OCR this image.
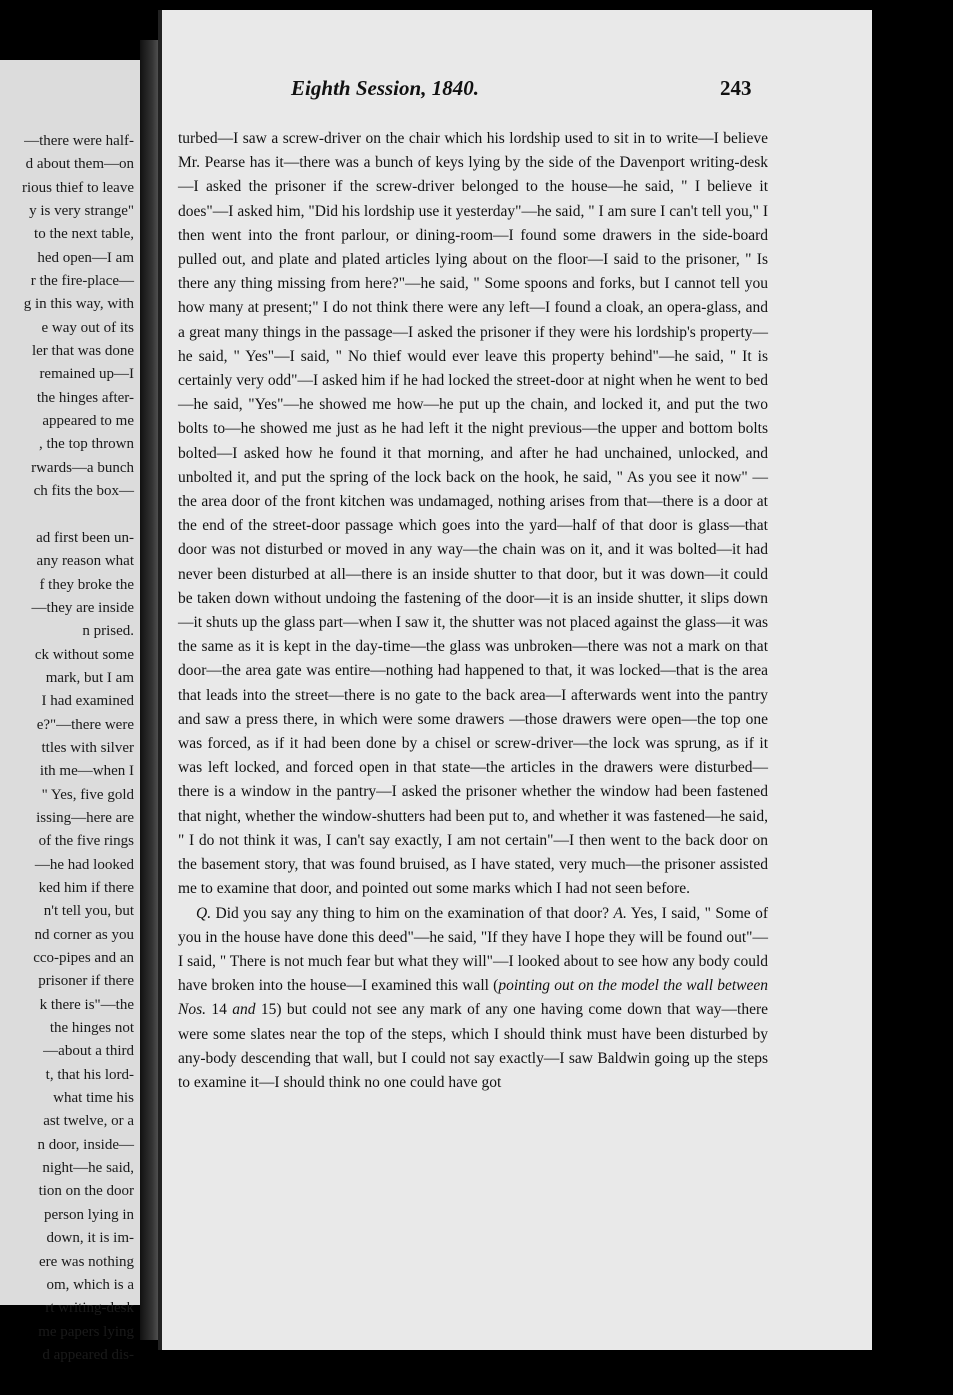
—there were half-
d about them—on
rious thief to leave
y is very strange"
to the next table,
hed open—I am
r the fire-place—
g in this way, with
e way out of its
ler that was done
remained up—I
the hinges after-
appeared to me
, the top thrown
rwards—a bunch
ch fits the box—

ad first been un-
any reason what
f they broke the
—they are inside
n prised.
ck without some
mark, but I am
I had examined
e?"—there were
ttles with silver
ith me—when I
" Yes, five gold
issing—here are
of the five rings
—he had looked
ked him if there
n't tell you, but
nd corner as you
cco-pipes and an
prisoner if there
k there is"—the
the hinges not
—about a third
t, that his lord-
what time his
ast twelve, or a
n door, inside—
night—he said,
tion on the door
person lying in
down, it is im-
ere was nothing
om, which is a
rt writing-desk
me papers lying
d appeared dis-
Eighth Session, 1840.	243

turbed—I saw a screw-driver on the chair which his lordship used to sit in to write—I believe Mr. Pearse has it—there was a bunch of keys lying by the side of the Davenport writing-desk—I asked the prisoner if the screw-driver belonged to the house—he said, " I believe it does"—I asked him, "Did his lordship use it yesterday"—he said, " I am sure I can't tell you," I then went into the front parlour, or dining-room—I found some drawers in the side-board pulled out, and plate and plated articles lying about on the floor—I said to the prisoner, " Is there any thing missing from here?"—he said, " Some spoons and forks, but I cannot tell you how many at present;" I do not think there were any left—I found a cloak, an opera-glass, and a great many things in the passage—I asked the prisoner if they were his lordship's property—he said, " Yes"—I said, " No thief would ever leave this property behind"—he said, " It is certainly very odd"—I asked him if he had locked the street-door at night when he went to bed—he said, "Yes"—he showed me how—he put up the chain, and locked it, and put the two bolts to—he showed me just as he had left it the night previous—the upper and bottom bolts bolted—I asked how he found it that morning, and after he had unchained, unlocked, and unbolted it, and put the spring of the lock back on the hook, he said, " As you see it now" —the area door of the front kitchen was undamaged, nothing arises from that—there is a door at the end of the street-door passage which goes into the yard—half of that door is glass—that door was not disturbed or moved in any way—the chain was on it, and it was bolted—it had never been disturbed at all—there is an inside shutter to that door, but it was down—it could be taken down without undoing the fastening of the door—it is an inside shutter, it slips down—it shuts up the glass part—when I saw it, the shutter was not placed against the glass—it was the same as it is kept in the day-time—the glass was unbroken—there was not a mark on that door—the area gate was entire—nothing had happened to that, it was locked—that is the area that leads into the street—there is no gate to the back area—I afterwards went into the pantry and saw a press there, in which were some drawers —those drawers were open—the top one was forced, as if it had been done by a chisel or screw-driver—the lock was sprung, as if it was left locked, and forced open in that state—the articles in the drawers were disturbed—there is a window in the pantry—I asked the prisoner whether the window had been fastened that night, whether the window-shutters had been put to, and whether it was fastened—he said, " I do not think it was, I can't say exactly, I am not certain"—I then went to the back door on the basement story, that was found bruised, as I have stated, very much—the prisoner assisted me to examine that door, and pointed out some marks which I had not seen before.

Q. Did you say any thing to him on the examination of that door? A. Yes, I said, " Some of you in the house have done this deed"—he said, "If they have I hope they will be found out"—I said, " There is not much fear but what they will"—I looked about to see how any body could have broken into the house—I examined this wall (pointing out on the model the wall between Nos. 14 and 15) but could not see any mark of any one having come down that way—there were some slates near the top of the steps, which I should think must have been disturbed by any-body descending that wall, but I could not say exactly—I saw Baldwin going up the steps to examine it—I should think no one could have got
